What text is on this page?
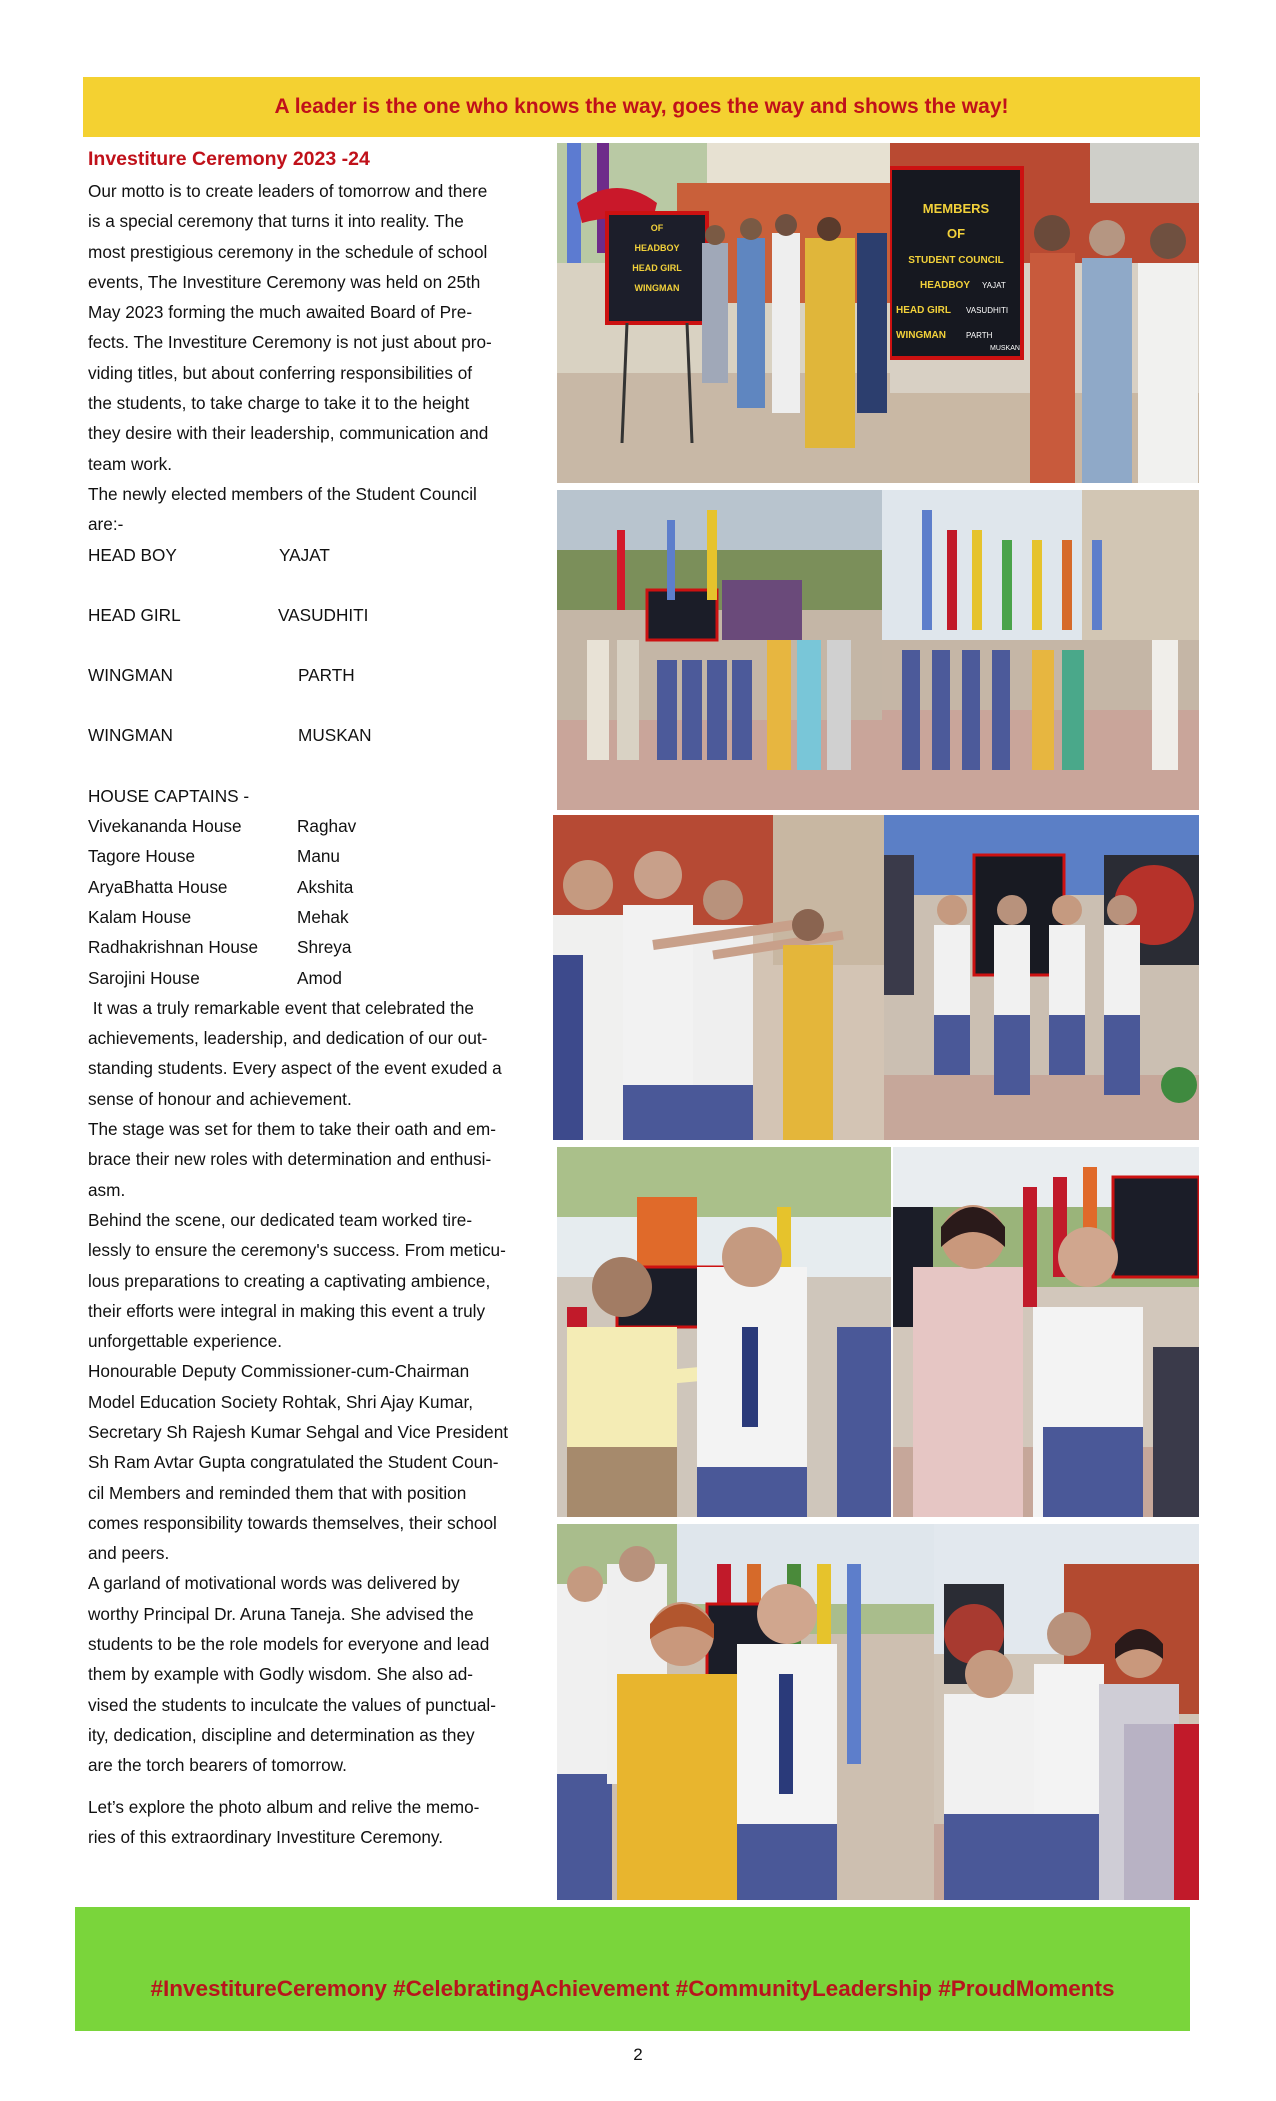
A leader is the one who knows the way, goes the way and shows the way!
Investiture Ceremony 2023 -24

Our motto is to create leaders of tomorrow and there

is a special ceremony that turns it into reality. The

most prestigious ceremony in the schedule of school

events, The Investiture Ceremony was held on 25th

May 2023 forming the much awaited Board of Pre-

fects. The Investiture Ceremony is not just about pro-

viding titles, but about conferring responsibilities of

the students, to take charge to take it to the height

they desire with their leadership, communication and

team work.

The newly elected members of the Student Council

are:-

HEAD BOY	YAJAT
HEAD GIRL	VASUDHITI
WINGMAN	PARTH
WINGMAN	MUSKAN

HOUSE CAPTAINS -

Vivekananda House	Raghav
Tagore House	Manu
AryaBhatta House	Akshita
Kalam House	Mehak
Radhakrishnan House	Shreya
Sarojini House	Amod

It was a truly remarkable event that celebrated the

achievements, leadership, and dedication of our out-

standing students. Every aspect of the event exuded a

sense of honour and achievement.

The stage was set for them to take their oath and em-

brace their new roles with determination and enthusi-

asm.

Behind the scene, our dedicated team worked tire-

lessly to ensure the ceremony's success. From meticu-

lous preparations to creating a captivating ambience,

their efforts were integral in making this event a truly

unforgettable experience.

Honourable Deputy Commissioner-cum-Chairman

Model Education Society Rohtak, Shri Ajay Kumar,

Secretary Sh Rajesh Kumar Sehgal and Vice President

Sh Ram Avtar Gupta congratulated the Student Coun-

cil Members and reminded them that with position

comes responsibility towards themselves, their school

and peers.

A garland of motivational words was delivered by

worthy Principal Dr. Aruna Taneja. She advised the

students to be the role models for everyone and lead

them by example with Godly wisdom. She also ad-

vised the students to inculcate the values of punctual-

ity, dedication, discipline and determination as they

are the torch bearers of tomorrow.

Let’s explore the photo album and relive the memo-

ries of this extraordinary Investiture Ceremony.

OF
HEADBOY
HEAD GIRL
WINGMAN
MEMBERS
OF
STUDENT COUNCIL
HEADBOY YAJAT
HEAD GIRL VASUDHITI
WINGMAN	PARTH
MUSKAN
#InvestitureCeremony #CelebratingAchievement #CommunityLeadership #ProudMoments
2
